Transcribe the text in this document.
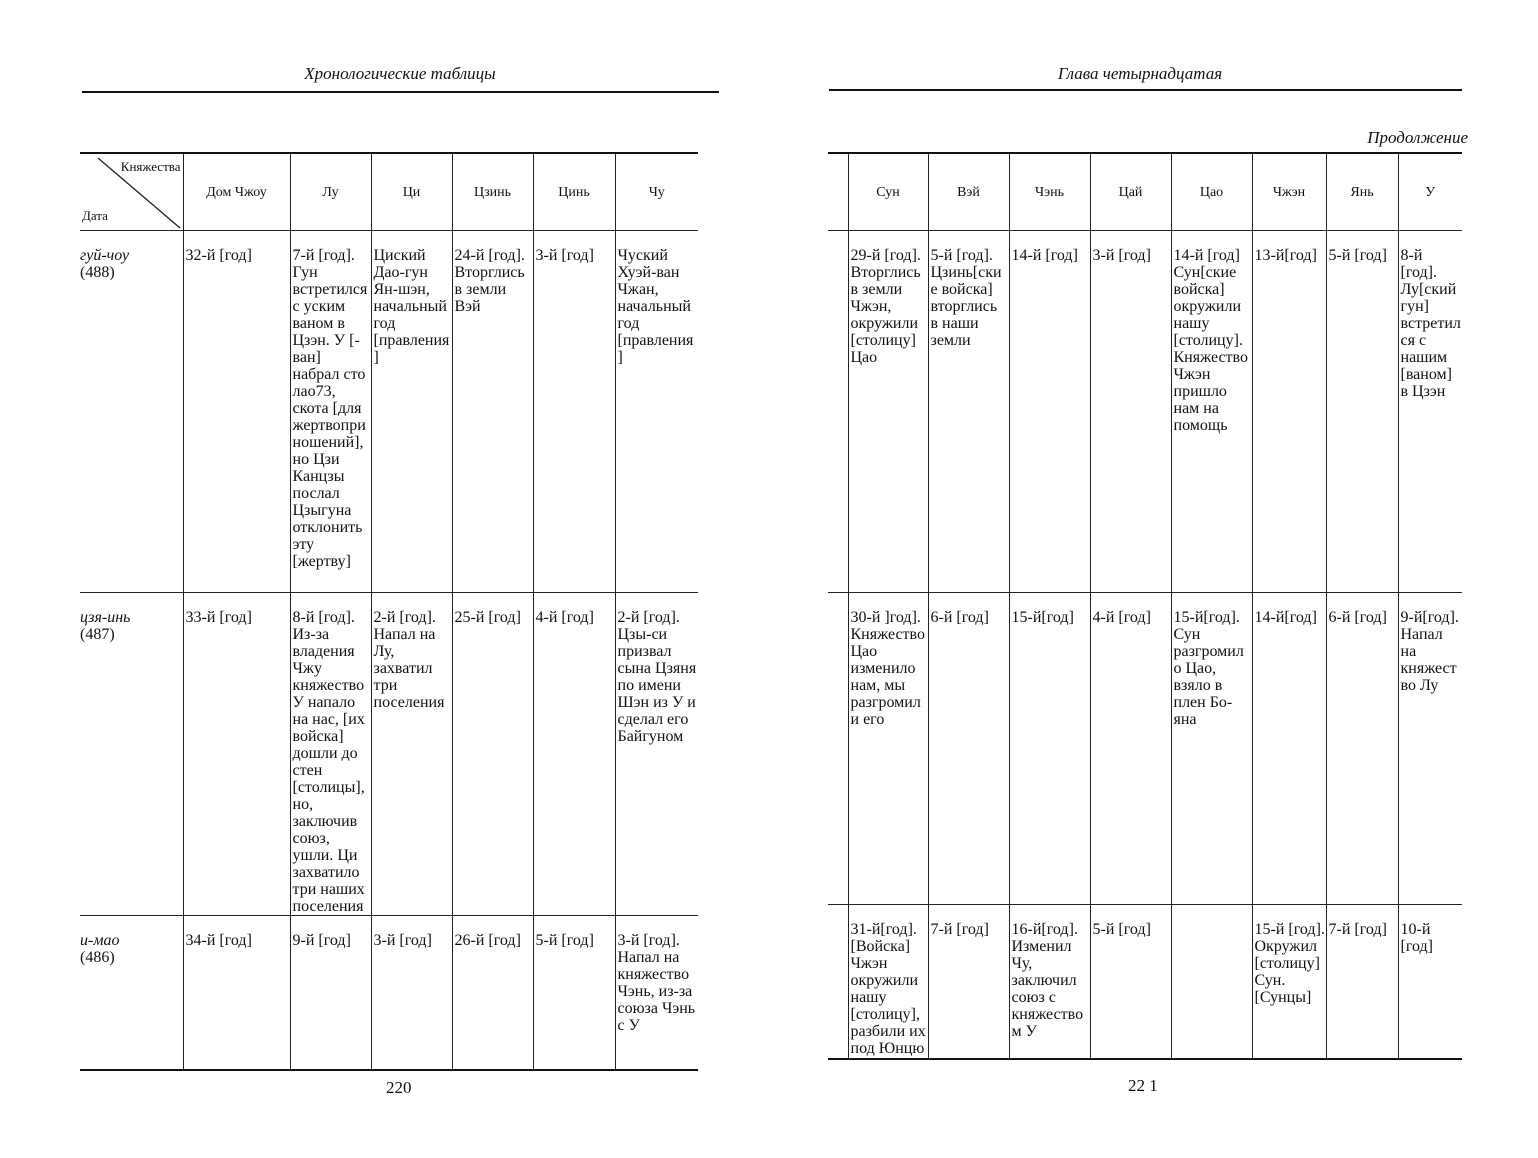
Хронологические таблицы
Княжества
Дата	Дом Чжоу	Лу	Ци	Цзинь	Цинь	Чу

гуй-чоу
(488)	32-й [год]	7-й [год]. Гун встретился с уским ваном в Цзэн. У [-ван] набрал сто лао73, скота [для жертвоприношений], но Цзи Канцзы послал Цзыгуна отклонить эту [жертву]	Циский Дао-гун Ян-шэн, начальный год [правления]	24-й [год]. Вторглись в земли Вэй	3-й [год]	Чуский Хуэй-ван Чжан, начальный год [правления]

цзя-инь
(487)	33-й [год]	8-й [год]. Из-за владения Чжу княжество У напало на нас, [их войска] дошли до стен [столицы], но, заключив союз, ушли. Ци захватило три наших поселения	2-й [год]. Напал на Лу, захватил три поселения	25-й [год]	4-й [год]	2-й [год]. Цзы-си призвал сына Цзяня по имени Шэн из У и сделал его Байгуном

и-мао
(486)	34-й [год]	9-й [год]	3-й [год]	26-й [год]	5-й [год]	3-й [год]. Напал на княжество Чэнь, из-за союза Чэнь с У
220
Глава четырнадцатая
Продолжение
	Сун	Вэй	Чэнь	Цай	Цао	Чжэн	Янь	У
	29-й [год]. Вторглись в земли Чжэн, окружили [столицу] Цао	5-й [год]. Цзинь[ские войска] вторглись в наши земли	14-й [год]	3-й [год]	14-й [год] Сун[ские войска] окружили нашу [столицу]. Княжество Чжэн пришло нам на помощь	13-й[год]	5-й [год]	8-й [год]. Лу[ский гун] встретился с нашим [ваном] в Цзэн
	30-й ]год]. Княжество Цао изменило нам, мы разгромили его	6-й [год]	15-й[год]	4-й [год]	15-й[год]. Сун разгромило Цао, взяло в плен Бо-яна	14-й[год]	6-й [год]	9-й[год]. Напал на княжество Лу
	31-й[год]. [Войска] Чжэн окружили нашу [столицу], разбили их под Юнцю	7-й [год]	16-й[год]. Изменил Чу, заключил союз с княжеством У	5-й [год]		15-й [год]. Окружил [столицу] Сун. [Сунцы]	7-й [год]	10-й [год]
22 1
